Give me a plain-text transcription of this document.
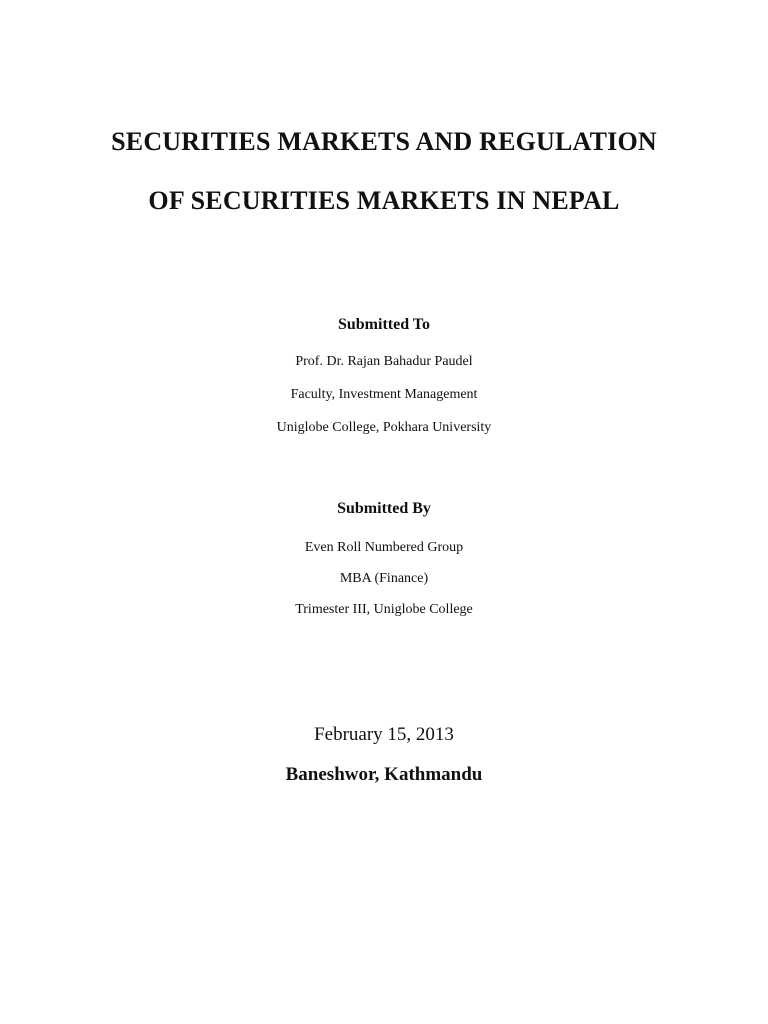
SECURITIES MARKETS AND REGULATION
OF SECURITIES MARKETS IN NEPAL
Submitted To
Prof. Dr. Rajan Bahadur Paudel
Faculty, Investment Management
Uniglobe College, Pokhara University
Submitted By
Even Roll Numbered Group
MBA (Finance)
Trimester III, Uniglobe College
February 15, 2013
Baneshwor, Kathmandu
